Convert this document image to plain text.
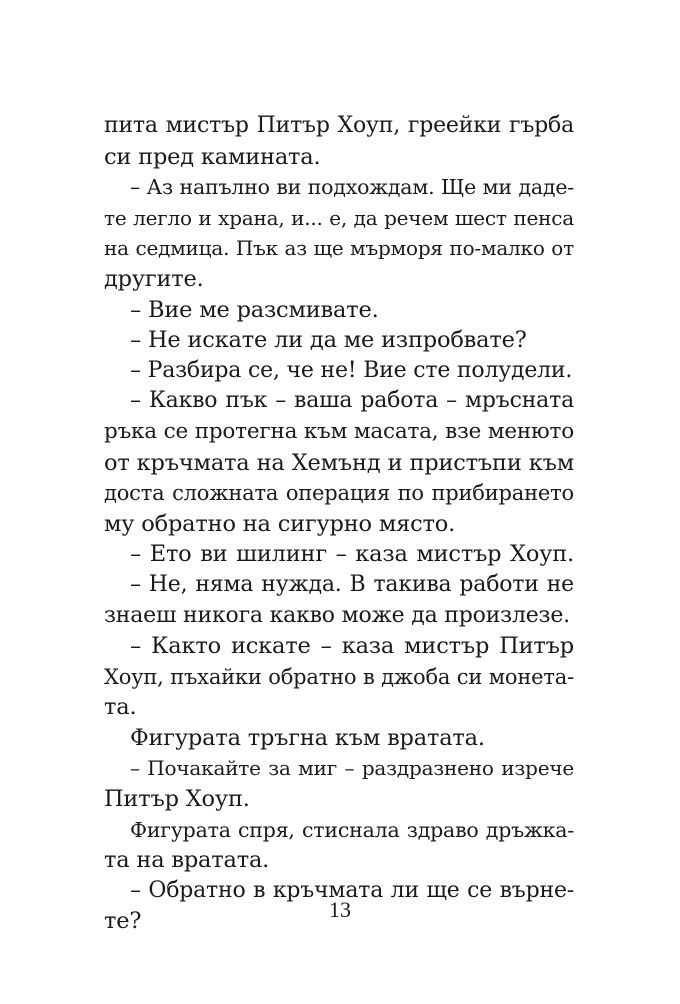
пита мистър Питър Хоуп, греейки гърба
си пред камината.
– Аз напълно ви подхождам. Ще ми даде-
те легло и храна, и... е, да речем шест пенса
на седмица. Пък аз ще мърморя по-малко от
другите.
– Вие ме разсмивате.
– Не искате ли да ме изпробвате?
– Разбира се, че не! Вие сте полудели.
– Какво пък – ваша работа – мръсната
ръка се протегна към масата, взе менюто
от кръчмата на Хемънд и пристъпи към
доста сложната операция по прибирането
му обратно на сигурно място.
– Ето ви шилинг – каза мистър Хоуп.
– Не, няма нужда. В такива работи не
знаеш никога какво може да произлезе.
– Както искате – каза мистър Питър
Хоуп, пъхайки обратно в джоба си монета-
та.
Фигурата тръгна към вратата.
– Почакайте за миг – раздразнено изрече
Питър Хоуп.
Фигурата спря, стиснала здраво дръжка-
та на вратата.
– Обратно в кръчмата ли ще се върне-
те?	13
